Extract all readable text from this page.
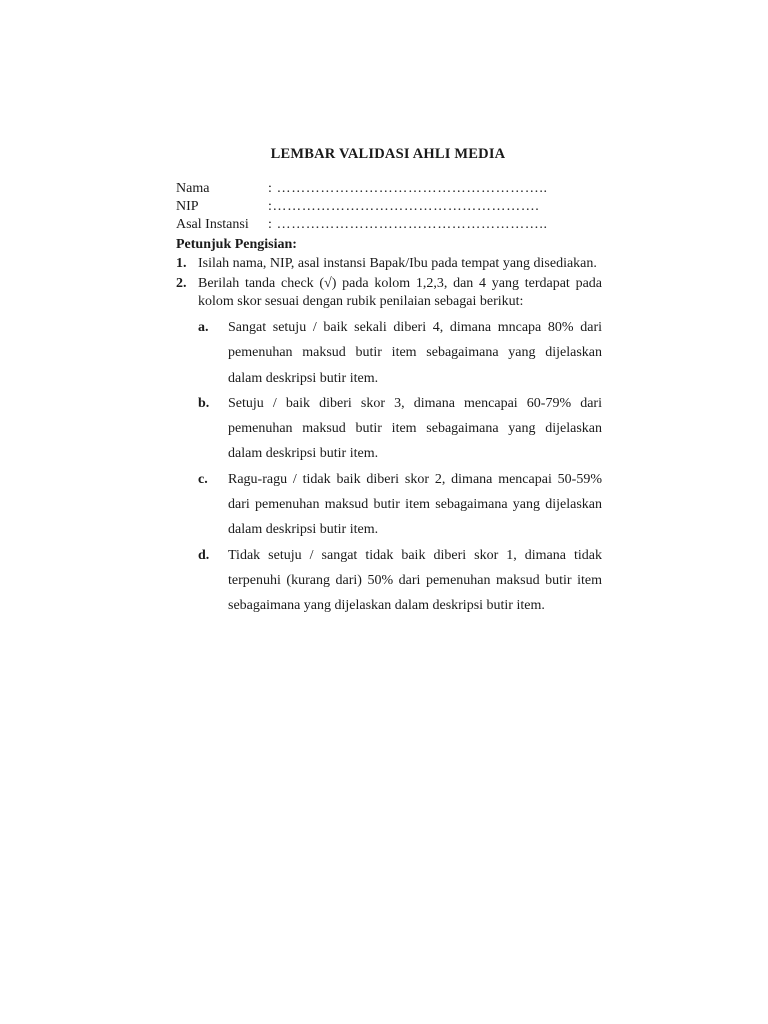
LEMBAR VALIDASI AHLI MEDIA
Nama	: ………………………………………………..
NIP	:……………………………………………….
Asal Instansi	: ………………………………………………..
Petunjuk Pengisian:
1. Isilah nama, NIP, asal instansi Bapak/Ibu pada tempat yang disediakan.
2. Berilah tanda check (√) pada kolom 1,2,3, dan 4 yang terdapat pada kolom skor sesuai dengan rubik penilaian sebagai berikut:
a.	Sangat setuju / baik sekali diberi 4, dimana mncapa 80% dari pemenuhan maksud butir item sebagaimana yang dijelaskan dalam deskripsi butir item.
b.	Setuju / baik diberi skor 3, dimana mencapai 60-79% dari pemenuhan maksud butir item sebagaimana yang dijelaskan dalam deskripsi butir item.
c.	Ragu-ragu / tidak baik diberi skor 2, dimana mencapai 50-59% dari pemenuhan maksud butir item sebagaimana yang dijelaskan dalam deskripsi butir item.
d.	Tidak setuju / sangat tidak baik diberi skor 1, dimana tidak terpenuhi (kurang dari) 50% dari pemenuhan maksud butir item sebagaimana yang dijelaskan dalam deskripsi butir item.
